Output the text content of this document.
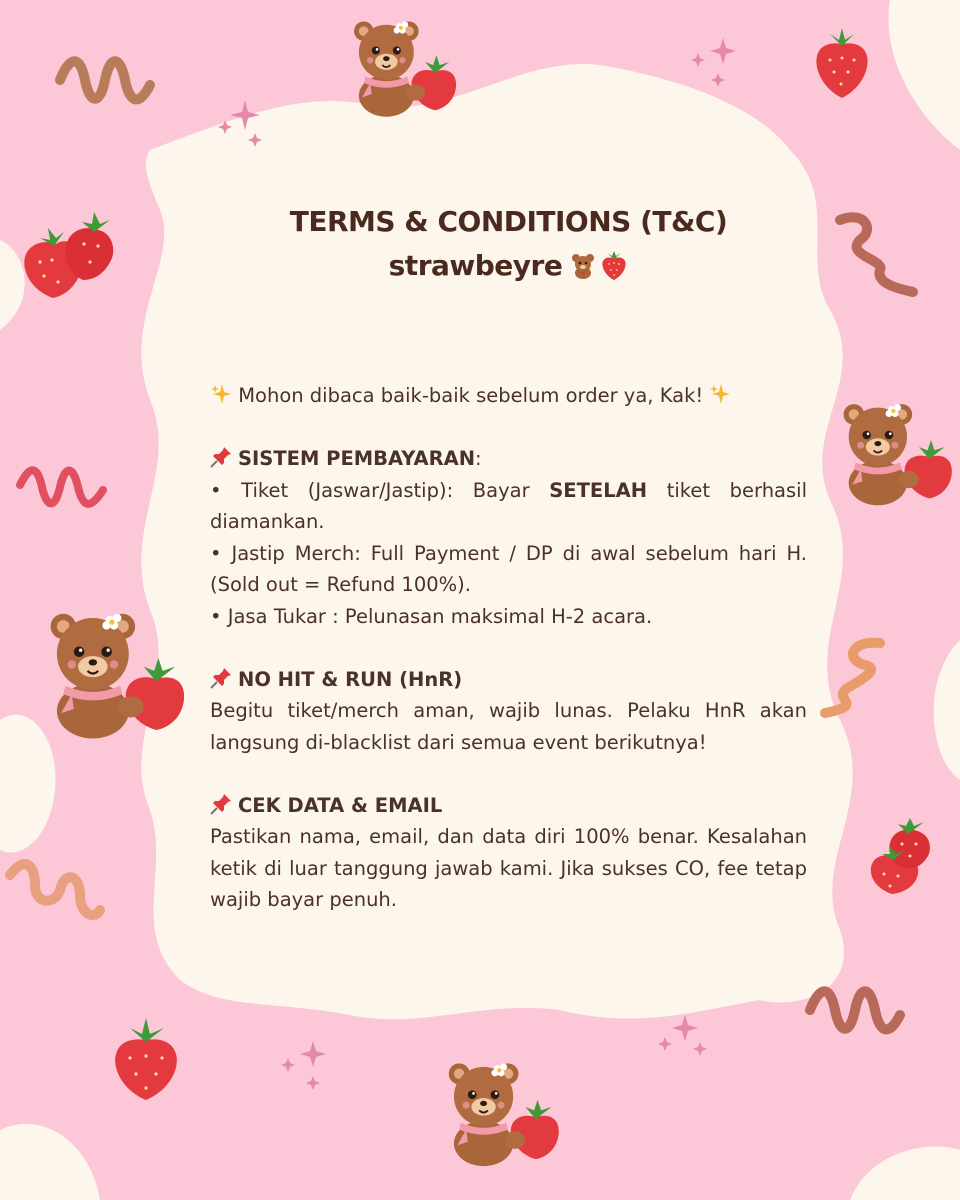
TERMS & CONDITIONS (T&C)
strawbeyre

Mohon dibaca baik-baik sebelum order ya, Kak!

SISTEM PEMBAYARAN:

• Tiket (Jaswar/Jastip): Bayar SETELAH tiket berhasil diamankan.

• Jastip Merch: Full Payment / DP di awal sebelum hari H. (Sold out = Refund 100%).

• Jasa Tukar : Pelunasan maksimal H-2 acara.

NO HIT & RUN (HnR)

Begitu tiket/merch aman, wajib lunas. Pelaku HnR akan langsung di-blacklist dari semua event berikutnya!

CEK DATA & EMAIL

Pastikan nama, email, dan data diri 100% benar. Kesalahan ketik di luar tanggung jawab kami. Jika sukses CO, fee tetap wajib bayar penuh.
